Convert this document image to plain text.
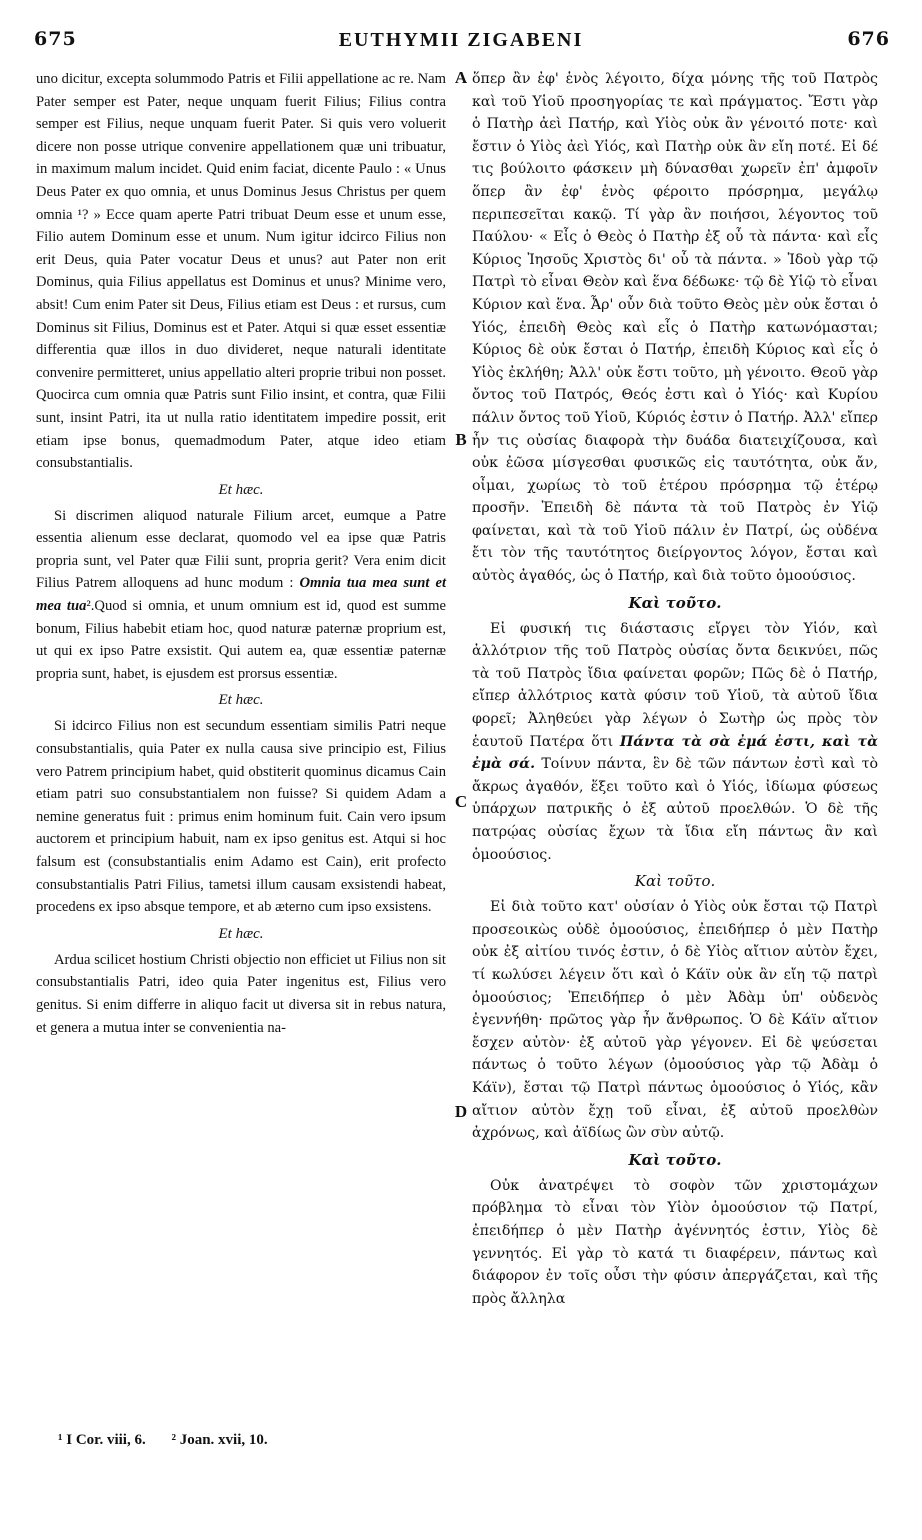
675	EUTHYMII ZIGABENI	676

uno dicitur, excepta solummodo Patris et Filii appellatione ac re. Nam Pater semper est Pater, neque unquam fuerit Filius; Filius contra semper est Filius, neque unquam fuerit Pater. Si quis vero voluerit dicere non posse utrique convenire appellationem quæ uni tribuatur, in maximum malum incidet. Quid enim faciat, dicente Paulo : « Unus Deus Pater ex quo omnia, et unus Dominus Jesus Christus per quem omnia ¹? » Ecce quam aperte Patri tribuat Deum esse et unum esse, Filio autem Dominum esse et unum. Num igitur idcirco Filius non erit Deus, quia Pater vocatur Deus et unus? aut Pater non erit Dominus, quia Filius appellatus est Dominus et unus? Minime vero, absit! Cum enim Pater sit Deus, Filius etiam est Deus : et rursus, cum Dominus sit Filius, Dominus est et Pater. Atqui si quæ esset essentiæ differentia quæ illos in duo divideret, neque naturali identitate convenire permitteret, unius appellatio alteri proprie tribui non posset. Quocirca cum omnia quæ Patris sunt Filio insint, et contra, quæ Filii sunt, insint Patri, ita ut nulla ratio identitatem impedire possit, erit etiam ipse bonus, quemadmodum Pater, atque ideo etiam consubstantialis.

Et hæc.

Si discrimen aliquod naturale Filium arcet, eumque a Patre essentia alienum esse declarat, quomodo vel ea ipse quæ Patris propria sunt, vel Pater quæ Filii sunt, propria gerit? Vera enim dicit Filius Patrem alloquens ad hunc modum : Omnia tua mea sunt et mea tua².Quod si omnia, et unum omnium est id, quod est summe bonum, Filius habebit etiam hoc, quod naturæ paternæ proprium est, ut qui ex ipso Patre exsistit. Qui autem ea, quæ essentiæ paternæ propria sunt, habet, is ejusdem est prorsus essentiæ.

Et hæc.

Si idcirco Filius non est secundum essentiam similis Patri neque consubstantialis, quia Pater ex nulla causa sive principio est, Filius vero Patrem principium habet, quid obstiterit quominus dicamus Cain etiam patri suo consubstantialem non fuisse? Si quidem Adam a nemine generatus fuit : primus enim hominum fuit. Cain vero ipsum auctorem et principium habuit, nam ex ipso genitus est. Atqui si hoc falsum est (consubstantialis enim Adamo est Cain), erit profecto consubstantialis Patri Filius, tametsi illum causam exsistendi habeat, procedens ex ipso absque tempore, et ab æterno cum ipso exsistens.

Et hæc.

Ardua scilicet hostium Christi objectio non efficiet ut Filius non sit consubstantialis Patri, ideo quia Pater ingenitus est, Filius vero genitus. Si enim differre in aliquo facit ut diversa sit in rebus natura, et genera a mutua inter se convenientia na-

A
B
C
D

ὅπερ ἂν ἐφ' ἑνὸς λέγοιτο, δίχα μόνης τῆς τοῦ Πατρὸς καὶ τοῦ Υἱοῦ προσηγορίας τε καὶ πράγματος. Ἔστι γὰρ ὁ Πατὴρ ἀεὶ Πατήρ, καὶ Υἱὸς οὐκ ἂν γένοιτό ποτε· καὶ ἔστιν ὁ Υἱὸς ἀεὶ Υἱός, καὶ Πατὴρ οὐκ ἂν εἴη ποτέ. Εἰ δέ τις βούλοιτο φάσκειν μὴ δύνασθαι χωρεῖν ἐπ' ἀμφοῖν ὅπερ ἂν ἐφ' ἑνὸς φέροιτο πρόσρημα, μεγάλῳ περιπεσεῖται κακῷ. Τί γὰρ ἂν ποιήσοι, λέγοντος τοῦ Παύλου· « Εἷς ὁ Θεὸς ὁ Πατὴρ ἐξ οὗ τὰ πάντα· καὶ εἷς Κύριος Ἰησοῦς Χριστὸς δι' οὗ τὰ πάντα. » Ἰδοὺ γὰρ τῷ Πατρὶ τὸ εἶναι Θεὸν καὶ ἕνα δέδωκε· τῷ δὲ Υἱῷ τὸ εἶναι Κύριον καὶ ἕνα. Ἆρ' οὖν διὰ τοῦτο Θεὸς μὲν οὐκ ἔσται ὁ Υἱός, ἐπειδὴ Θεὸς καὶ εἷς ὁ Πατὴρ κατωνόμασται; Κύριος δὲ οὐκ ἔσται ὁ Πατήρ, ἐπειδὴ Κύριος καὶ εἷς ὁ Υἱὸς ἐκλήθη; Ἀλλ' οὐκ ἔστι τοῦτο, μὴ γένοιτο. Θεοῦ γὰρ ὄντος τοῦ Πατρός, Θεός ἐστι καὶ ὁ Υἱός· καὶ Κυρίου πάλιν ὄντος τοῦ Υἱοῦ, Κύριός ἐστιν ὁ Πατήρ. Ἀλλ' εἴπερ ἦν τις οὐσίας διαφορὰ τὴν δυάδα διατειχίζουσα, καὶ οὐκ ἐῶσα μίσγεσθαι φυσικῶς εἰς ταυτότητα, οὐκ ἄν, οἶμαι, χωρίως τὸ τοῦ ἑτέρου πρόσρημα τῷ ἑτέρῳ προσῆν. Ἐπειδὴ δὲ πάντα τὰ τοῦ Πατρὸς ἐν Υἱῷ φαίνεται, καὶ τὰ τοῦ Υἱοῦ πάλιν ἐν Πατρί, ὡς οὐδένα ἔτι τὸν τῆς ταυτότητος διείργοντος λόγον, ἔσται καὶ αὐτὸς ἀγαθός, ὡς ὁ Πατήρ, καὶ διὰ τοῦτο ὁμοούσιος.

Καὶ τοῦτο.

Εἰ φυσική τις διάστασις εἴργει τὸν Υἱόν, καὶ ἀλλότριον τῆς τοῦ Πατρὸς οὐσίας ὄντα δεικνύει, πῶς τὰ τοῦ Πατρὸς ἴδια φαίνεται φορῶν; Πῶς δὲ ὁ Πατήρ, εἴπερ ἀλλότριος κατὰ φύσιν τοῦ Υἱοῦ, τὰ αὐτοῦ ἴδια φορεῖ; Ἀληθεύει γὰρ λέγων ὁ Σωτὴρ ὡς πρὸς τὸν ἑαυτοῦ Πατέρα ὅτι Πάντα τὰ σὰ ἐμά ἐστι, καὶ τὰ ἐμὰ σά. Τοίνυν πάντα, ἓν δὲ τῶν πάντων ἐστὶ καὶ τὸ ἄκρως ἀγαθόν, ἕξει τοῦτο καὶ ὁ Υἱός, ἰδίωμα φύσεως ὑπάρχων πατρικῆς ὁ ἐξ αὐτοῦ προελθών. Ὁ δὲ τῆς πατρῴας οὐσίας ἔχων τὰ ἴδια εἴη πάντως ἂν καὶ ὁμοούσιος.

Καὶ τοῦτο.

Εἰ διὰ τοῦτο κατ' οὐσίαν ὁ Υἱὸς οὐκ ἔσται τῷ Πατρὶ προσεοικὼς οὐδὲ ὁμοούσιος, ἐπειδήπερ ὁ μὲν Πατὴρ οὐκ ἐξ αἰτίου τινός ἐστιν, ὁ δὲ Υἱὸς αἴτιον αὐτὸν ἔχει, τί κωλύσει λέγειν ὅτι καὶ ὁ Κάϊν οὐκ ἂν εἴη τῷ πατρὶ ὁμοούσιος; Ἐπειδήπερ ὁ μὲν Ἀδὰμ ὑπ' οὐδενὸς ἐγεννήθη· πρῶτος γὰρ ἦν ἄνθρωπος. Ὁ δὲ Κάϊν αἴτιον ἔσχεν αὐτὸν· ἐξ αὐτοῦ γὰρ γέγονεν. Εἰ δὲ ψεύσεται πάντως ὁ τοῦτο λέγων (ὁμοούσιος γὰρ τῷ Ἀδὰμ ὁ Κάϊν), ἔσται τῷ Πατρὶ πάντως ὁμοούσιος ὁ Υἱός, κἂν αἴτιον αὐτὸν ἔχῃ τοῦ εἶναι, ἐξ αὐτοῦ προελθὼν ἀχρόνως, καὶ ἀϊδίως ὢν σὺν αὐτῷ.

Καὶ τοῦτο.

Οὐκ ἀνατρέψει τὸ σοφὸν τῶν χριστομάχων πρόβλημα τὸ εἶναι τὸν Υἱὸν ὁμοούσιον τῷ Πατρί, ἐπειδήπερ ὁ μὲν Πατὴρ ἀγέννητός ἐστιν, Υἱὸς δὲ γεννητός. Εἰ γὰρ τὸ κατά τι διαφέρειν, πάντως καὶ διάφορον ἐν τοῖς οὖσι τὴν φύσιν ἀπεργάζεται, καὶ τῆς πρὸς ἄλληλα

¹ I Cor. viii, 6. ² Joan. xvii, 10.
